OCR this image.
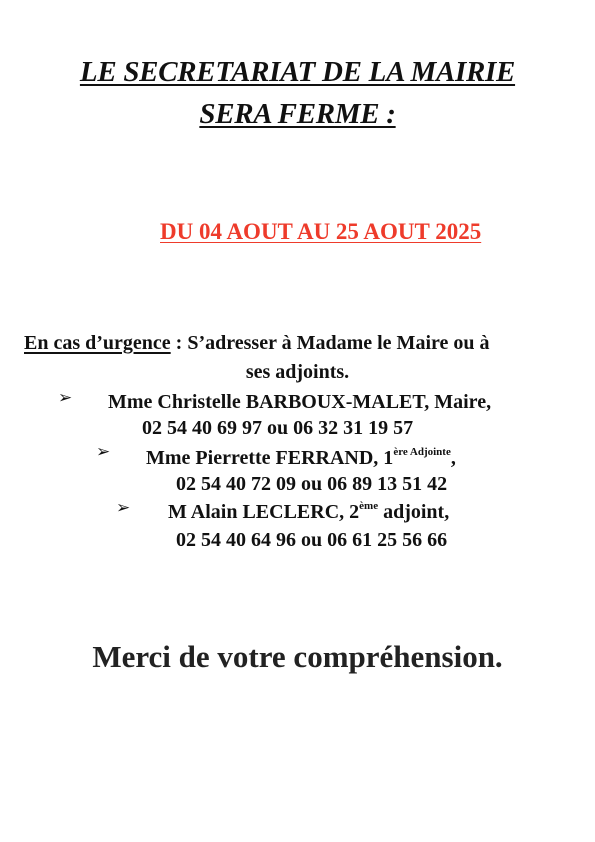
LE SECRETARIAT DE LA MAIRIE
SERA FERME :
DU 04 AOUT AU 25 AOUT 2025
En cas d’urgence : S’adresser à Madame le Maire ou à
ses adjoints.
➢ Mme Christelle BARBOUX-MALET, Maire,
02 54 40 69 97 ou 06 32 31 19 57
➢ Mme Pierrette FERRAND, $1^{ère Adjointe}$,
02 54 40 72 09 ou 06 89 13 51 42
➢ M Alain LECLERC, 2ème adjoint,
02 54 40 64 96 ou 06 61 25 56 66
Merci de votre compréhension.
